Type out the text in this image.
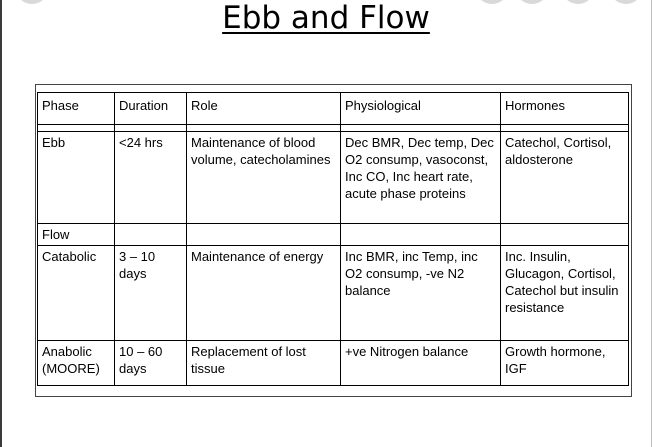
Ebb and Flow
Phase	Duration	Role	Physiological	Hormones

Ebb	<24 hrs	Maintenance of blood volume, catecholamines	Dec BMR, Dec temp, Dec O2 consump, vasoconst, Inc CO, Inc heart rate, acute phase proteins	Catechol, Cortisol, aldosterone
Flow				
Catabolic	3 – 10 days	Maintenance of energy	Inc BMR, inc Temp, inc O2 consump, -ve N2 balance	Inc. Insulin, Glucagon, Cortisol, Catechol but insulin resistance
Anabolic (MOORE)	10 – 60 days	Replacement of lost tissue	+ve Nitrogen balance	Growth hormone, IGF
